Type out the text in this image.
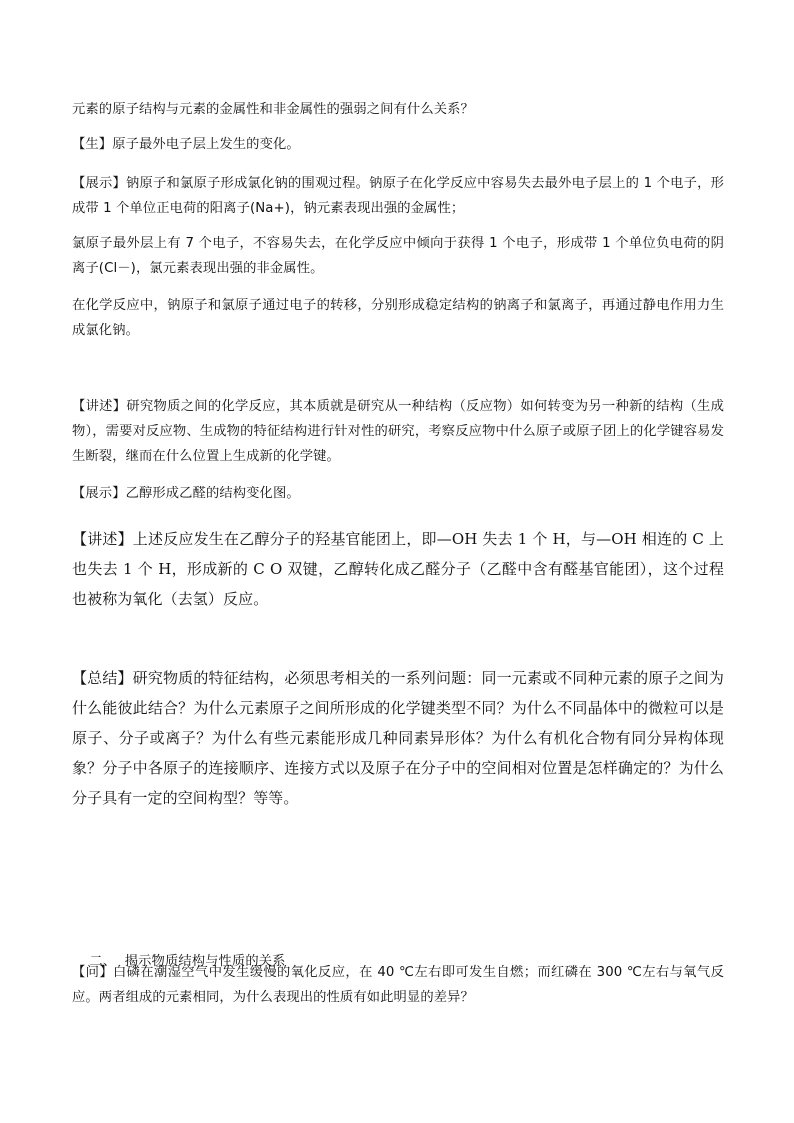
元素的原子结构与元素的金属性和非金属性的强弱之间有什么关系？

【生】原子最外电子层上发生的变化。

【展示】钠原子和氯原子形成氯化钠的围观过程。钠原子在化学反应中容易失去最外电子层上的 1 个电子，形成带 1 个单位正电荷的阳离子(Na+)，钠元素表现出强的金属性；

氯原子最外层上有 7 个电子，不容易失去，在化学反应中倾向于获得 1 个电子，形成带 1 个单位负电荷的阴离子(Cl－)，氯元素表现出强的非金属性。

在化学反应中，钠原子和氯原子通过电子的转移，分别形成稳定结构的钠离子和氯离子，再通过静电作用力生成氯化钠。

【讲述】研究物质之间的化学反应，其本质就是研究从一种结构（反应物）如何转变为另一种新的结构（生成物），需要对反应物、生成物的特征结构进行针对性的研究，考察反应物中什么原子或原子团上的化学键容易发生断裂，继而在什么位置上生成新的化学键。

【展示】乙醇形成乙醛的结构变化图。

【讲述】上述反应发生在乙醇分子的羟基官能团上，即—OH 失去 1 个 H，与—OH 相连的 C 上也失去 1 个 H，形成新的 C O 双键，乙醇转化成乙醛分子（乙醛中含有醛基官能团），这个过程也被称为氧化（去氢）反应。

【总结】研究物质的特征结构，必须思考相关的一系列问题：同一元素或不同种元素的原子之间为什么能彼此结合？为什么元素原子之间所形成的化学键类型不同？为什么不同晶体中的微粒可以是原子、分子或离子？为什么有些元素能形成几种同素异形体？为什么有机化合物有同分异构体现象？分子中各原子的连接顺序、连接方式以及原子在分子中的空间相对位置是怎样确定的？为什么分子具有一定的空间构型？等等。

二、  揭示物质结构与性质的关系

【问】白磷在潮湿空气中发生缓慢的氧化反应，在 40 ℃左右即可发生自燃；而红磷在 300 ℃左右与氧气反应。两者组成的元素相同，为什么表现出的性质有如此明显的差异？
